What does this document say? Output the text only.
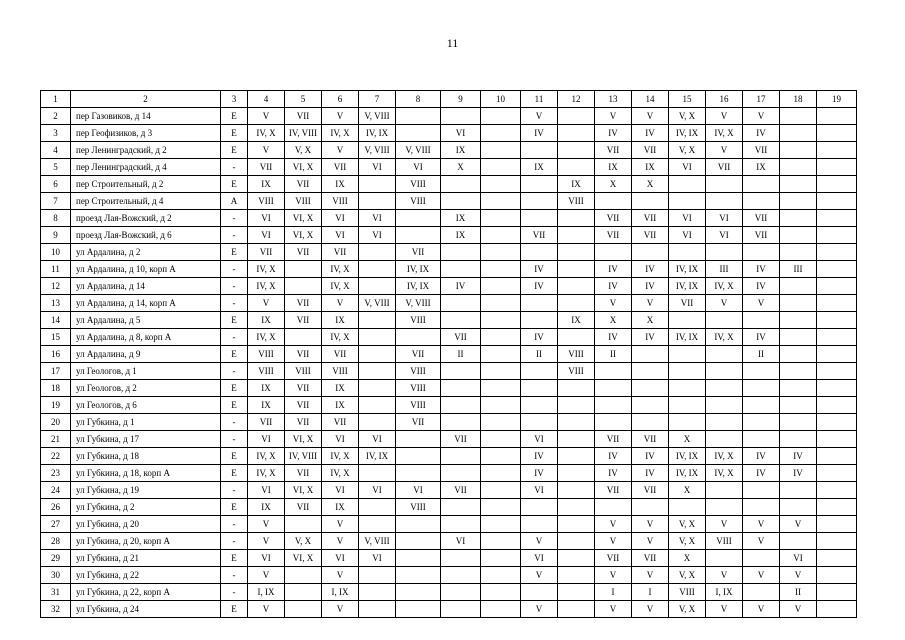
11
1	2	3	4	5	6	7	8	9	10	11	12	13	14	15	16	17	18	19
2	пер Газовиков, д 14	Е	V	VII	V	V, VIII				V		V	V	V, X	V	V		
3	пер Геофизиков, д 3	Е	IV, X	IV, VIII	IV, X	IV, IX		VI		IV		IV	IV	IV, IX	IV, X	IV		
4	пер Ленинградский, д 2	Е	V	V, X	V	V, VIII	V, VIII	IX				VII	VII	V, X	V	VII		
5	пер Ленинградский, д 4	-	VII	VI, X	VII	VI	VI	X		IX		IX	IX	VI	VII	IX		
6	пер Строительный, д 2	Е	IX	VII	IX		VIII				IX	X	X					
7	пер Строительный, д 4	А	VIII	VIII	VIII		VIII				VIII							
8	проезд Лая-Вожский, д 2	-	VI	VI, X	VI	VI		IX				VII	VII	VI	VI	VII		
9	проезд Лая-Вожский, д 6	-	VI	VI, X	VI	VI		IX		VII		VII	VII	VI	VI	VII		
10	ул Ардалина, д 2	Е	VII	VII	VII		VII											
11	ул Ардалина, д 10, корп А	-	IV, X		IV, X		IV, IX			IV		IV	IV	IV, IX	III	IV	III	
12	ул Ардалина, д 14	-	IV, X		IV, X		IV, IX	IV		IV		IV	IV	IV, IX	IV, X	IV		
13	ул Ардалина, д 14, корп А	-	V	VII	V	V, VIII	V, VIII					V	V	VII	V	V		
14	ул Ардалина, д 5	Е	IX	VII	IX		VIII				IX	X	X					
15	ул Ардалина, д 8, корп А	-	IV, X		IV, X			VII		IV		IV	IV	IV, IX	IV, X	IV		
16	ул Ардалина, д 9	Е	VIII	VII	VII		VII	II		II	VIII	II				II		
17	ул Геологов, д 1	-	VIII	VIII	VIII		VIII				VIII							
18	ул Геологов, д 2	Е	IX	VII	IX		VIII											
19	ул Геологов, д 6	Е	IX	VII	IX		VIII											
20	ул Губкина, д 1	-	VII	VII	VII		VII											
21	ул Губкина, д 17	-	VI	VI, X	VI	VI		VII		VI		VII	VII	X				
22	ул Губкина, д 18	Е	IV, X	IV, VIII	IV, X	IV, IX				IV		IV	IV	IV, IX	IV, X	IV	IV	
23	ул Губкина, д 18, корп А	Е	IV, X	VII	IV, X					IV		IV	IV	IV, IX	IV, X	IV	IV	
24	ул Губкина, д 19	-	VI	VI, X	VI	VI	VI	VII		VI		VII	VII	X				
26	ул Губкина, д 2	Е	IX	VII	IX		VIII											
27	ул Губкина, д 20	-	V		V							V	V	V, X	V	V	V	
28	ул Губкина, д 20, корп А	-	V	V, X	V	V, VIII		VI		V		V	V	V, X	VIII	V		
29	ул Губкина, д 21	Е	VI	VI, X	VI	VI				VI		VII	VII	X			VI	
30	ул Губкина, д 22	-	V		V					V		V	V	V, X	V	V	V	
31	ул Губкина, д 22, корп А	-	I, IX		I, IX							I	I	VIII	I, IX		II	
32	ул Губкина, д 24	Е	V		V					V		V	V	V, X	V	V	V	
